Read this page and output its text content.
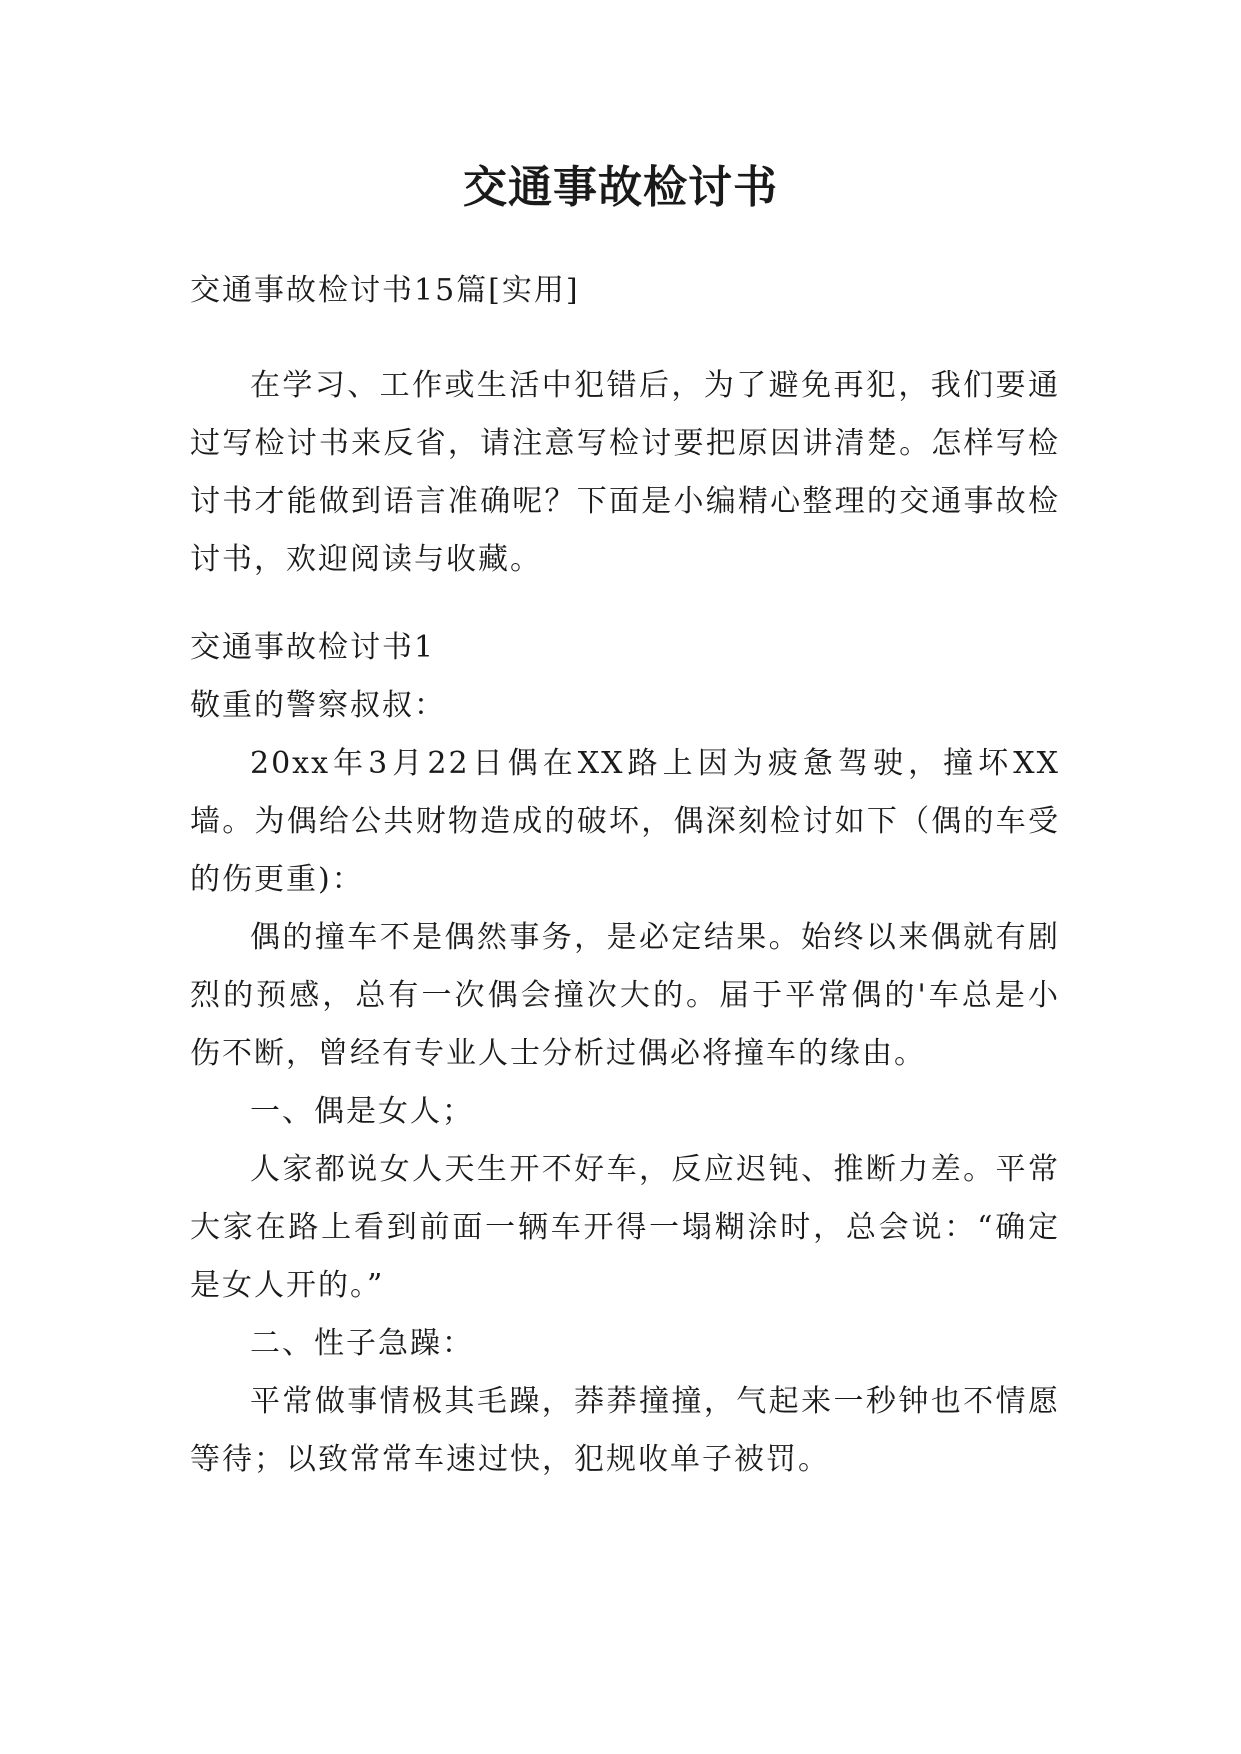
交通事故检讨书

交通事故检讨书15篇[实用]

在学习、工作或生活中犯错后，为了避免再犯，我们要通过写检讨书来反省，请注意写检讨要把原因讲清楚。怎样写检讨书才能做到语言准确呢？下面是小编精心整理的交通事故检讨书，欢迎阅读与收藏。

交通事故检讨书1

敬重的警察叔叔：

20xx年3月22日偶在XX路上因为疲惫驾驶，撞坏XX墙。为偶给公共财物造成的破坏，偶深刻检讨如下（偶的车受的伤更重)：

偶的撞车不是偶然事务，是必定结果。始终以来偶就有剧烈的预感，总有一次偶会撞次大的。届于平常偶的'车总是小伤不断，曾经有专业人士分析过偶必将撞车的缘由。

一、偶是女人；

人家都说女人天生开不好车，反应迟钝、推断力差。平常大家在路上看到前面一辆车开得一塌糊涂时，总会说：“确定是女人开的。”

二、性子急躁：

平常做事情极其毛躁，莽莽撞撞，气起来一秒钟也不情愿等待；以致常常车速过快，犯规收单子被罚。
